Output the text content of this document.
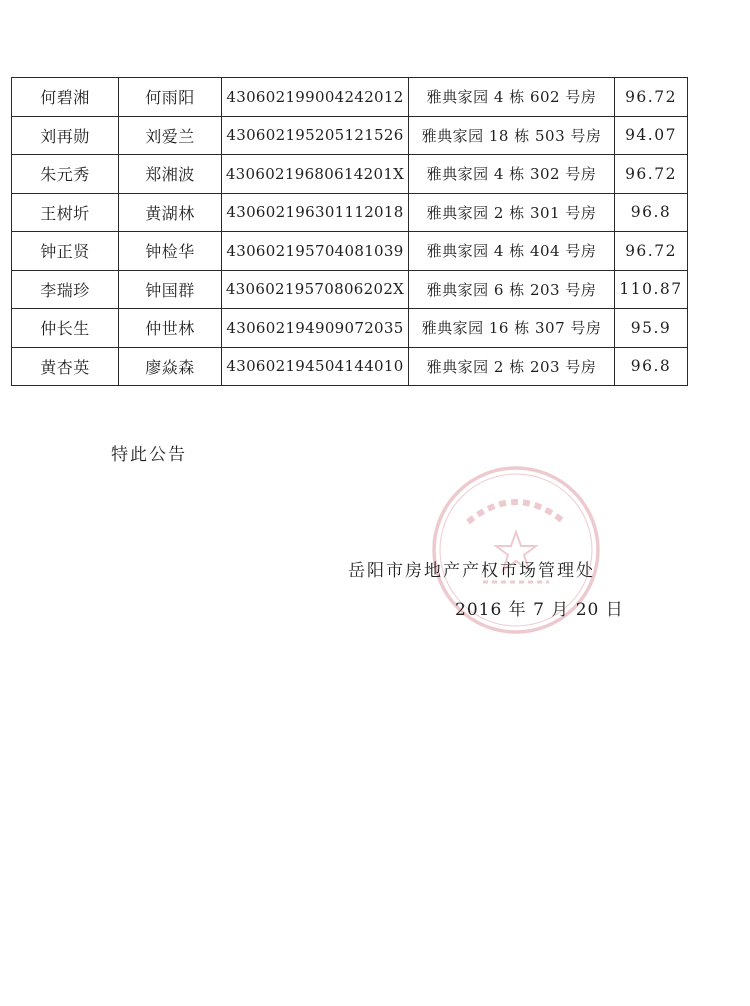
何碧湘	何雨阳	430602199004242012	雅典家园 4 栋 602 号房	96.72
刘再勋	刘爱兰	430602195205121526	雅典家园 18 栋 503 号房	94.07
朱元秀	郑湘波	43060219680614201X	雅典家园 4 栋 302 号房	96.72
王树圻	黄湖林	430602196301112018	雅典家园 2 栋 301 号房	96.8
钟正贤	钟检华	430602195704081039	雅典家园 4 栋 404 号房	96.72
李瑞珍	钟国群	43060219570806202X	雅典家园 6 栋 203 号房	110.87
仲长生	仲世林	430602194909072035	雅典家园 16 栋 307 号房	95.9
黄杏英	廖焱森	430602194504144010	雅典家园 2 栋 203 号房	96.8
特此公告
岳阳市房地产产权市场管理处
2016 年 7 月 20 日
